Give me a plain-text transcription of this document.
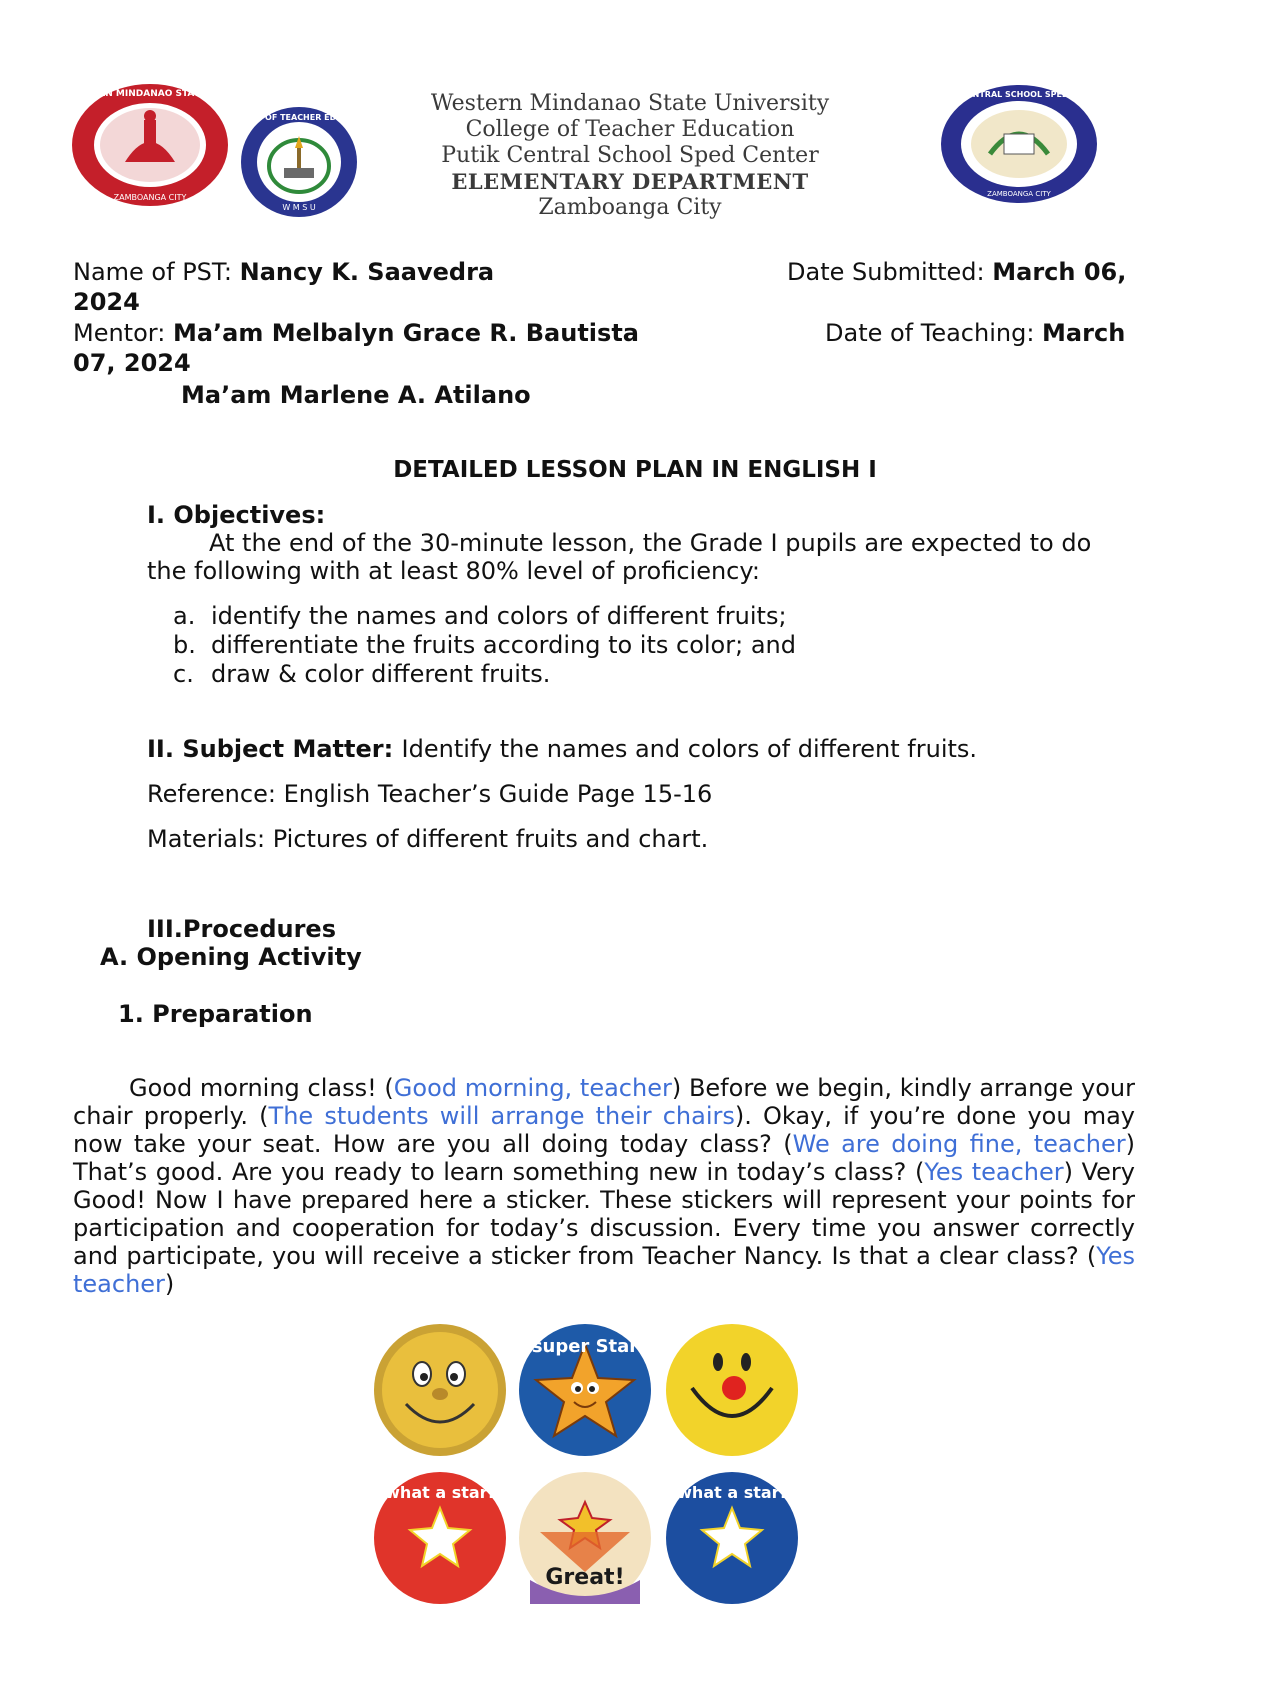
WESTERN MINDANAO STATE UNIV.
ZAMBOANGA CITY
COLLEGE OF TEACHER EDUCATION
W M S U
PUTIK CENTRAL SCHOOL SPED CENTER
ZAMBOANGA CITY
Western Mindanao State University
College of Teacher Education
Putik Central School Sped Center
ELEMENTARY DEPARTMENT
Zamboanga City
Name of PST: Nancy K. Saavedra	Date Submitted: March 06,
2024
Mentor: Ma’am Melbalyn Grace R. Bautista	Date of Teaching: March
07, 2024
Ma’am Marlene A. Atilano
DETAILED LESSON PLAN IN ENGLISH I
I. Objectives:
At the end of the 30-minute lesson, the Grade I pupils are expected to do
the following with at least 80% level of proficiency:
a. identify the names and colors of different fruits;
b. differentiate the fruits according to its color; and
c. draw & color different fruits.
II. Subject Matter: Identify the names and colors of different fruits.
Reference: English Teacher’s Guide Page 15-16
Materials: Pictures of different fruits and chart.
III.Procedures
A. Opening Activity
1. Preparation
Good morning class! (Good morning, teacher) Before we begin, kindly arrange your chair properly. (The students will arrange their chairs). Okay, if you’re done you may now take your seat. How are you all doing today class? (We are doing fine, teacher) That’s good. Are you ready to learn something new in today’s class? (Yes teacher) Very Good! Now I have prepared here a sticker. These stickers will represent your points for participation and cooperation for today’s discussion. Every time you answer correctly and participate, you will receive a sticker from Teacher Nancy. Is that a clear class? (Yes teacher)
super Star
what a star!
Great!
what a star!
